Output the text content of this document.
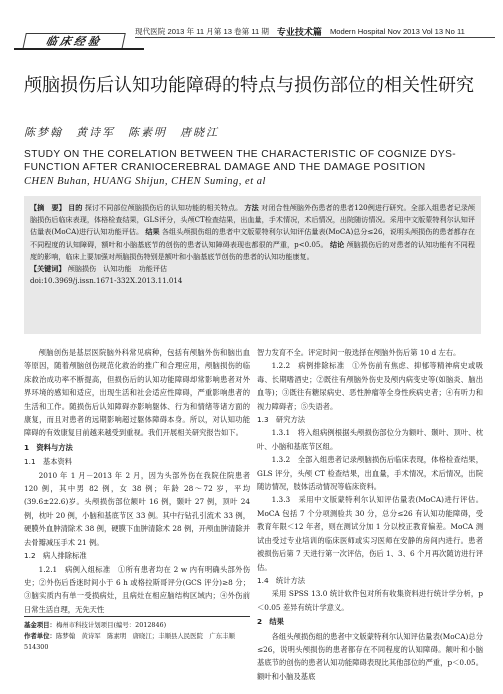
临床经验
现代医院 2013 年 11 月第 13 卷第 11 期 专业技术篇 Modern Hospital Nov 2013 Vol 13 No 11
颅脑损伤后认知功能障碍的特点与损伤部位的相关性研究
陈梦翰　黄诗军　陈素明　唐晓江
STUDY ON THE CORELATION BETWEEN THE CHARACTERISTIC OF COGNIZE DYS-FUNCTION AFTER CRANIOCEREBRAL DAMAGE AND THE DAMAGE POSITION
CHEN Buhan, HUANG Shijun, CHEN Suming, et al
【摘　要】 目的 探讨不同部位颅脑损伤后的认知功能的相关特点。 方法 对闭合性颅脑外伤患者的患者120例进行研究。全部入组患者记录颅脑损伤后临床表现，体格检查结果，GLS评分，头颅CT检查结果，出血量，手术情况，术后情况，出院随访情况。采用中文版蒙特利尔认知评估量表(MoCA)进行认知功能评估。 结果 各组头颅损伤组的患者中文版蒙特利尔认知评估量表(MoCA)总分≤26，说明头颅损伤的患者都存在不同程度的认知障碍，额叶和小脑基底节的创伤的患者认知障碍表现也都很的严重，p<0.05。 结论 颅脑损伤后的对患者的认知功能有不同程度的影响，临床上要加强对颅脑损伤特别是额叶和小脑基底节创伤的患者的认知功能康复。
【关键词】 颅脑损伤　认知功能　功能评估
doi:10.3969/j.issn.1671-332X.2013.11.014

颅脑创伤是基层医院脑外科常见病种，包括有颅脑外伤和脑出血等原因，随着颅脑创伤规范化救治的推广和合理应用，颅脑损伤的临床救治成功率不断提高，但损伤后的认知功能障碍却常影响患者对外界环境的感知和适应，出现生活和社会适应性障碍，严重影响患者的生活和工作。随损伤后认知障碍亦影响躯体、行为和情绪等诸方面的康复，而且对患者的远期影响超过躯体障碍本身。所以，对认知功能障碍的有效康复目前越来越受到重视。我们开展相关研究报告如下。

1　资料与方法

1.1　基本资料

2010 年 1 月－2013 年 2 月，因为头部外伤在我院住院患者 120 例，其中男 82 例，女 38 例；年龄 28～72 岁，平均(39.6±22.6)岁。头颅损伤部位额叶 16 例，颞叶 27 例，顶叶 24 例，枕叶 20 例，小脑和基底节区 33 例。其中行钻孔引流术 33 例，硬膜外血肿清除术 38 例，硬膜下血肿清除术 28 例，开颅血肿清除并去骨瓣减压手术 21 例。

1.2　病人排除标准

1.2.1　病例入组标准　①所有患者均在 2 w 内有明确头部外伤史；②外伤后昏迷时间小于 6 h 或格拉斯哥评分(GCS 评分)≥8 分；③脑实质内有单一受损病灶，且病灶在相应脑结构区域内；④外伤前日常生活自理，无先天性

智力发育不全。评定时间一般选择在颅脑外伤后第 10 d 左右。

1.2.2　病例排除标准　①外伤前有焦虑、抑郁等精神病史或吸毒、长期嗜酒史；②既往有颅脑外伤史及颅内病变史等(如脑炎、脑出血等)；③既往有糖尿病史、恶性肿瘤等全身性疾病史者；④有听力和视力障碍者；⑤失语者。

1.3　研究方法

1.3.1　将入组病例根据头颅损伤部位分为额叶、颞叶、顶叶、枕叶、小脑和基底节区组。

1.3.2　全部入组患者记录颅脑损伤后临床表现，体格检查结果，GLS 评分，头颅 CT 检查结果，出血量，手术情况，术后情况，出院随访情况，肢体活动情况等临床资料。

1.3.3　采用中文版蒙特利尔认知评估量表(MoCA)进行评估。MoCA 包括 7 个分项测验共 30 分，总分≤26 有认知功能障碍，受教育年限＜12 年者，则在测试分加 1 分以校正教育偏差。MoCA 测试由受过专业培训的临床医师或实习医师在安静的房间内进行。患者被损伤后第 7 天进行第一次评估，伤后 1、3、6 个月再次随访进行评估。

1.4　统计方法

采用 SPSS 13.0 统计软件包对所有收集资料进行统计学分析，p＜0.05 差异有统计学意义。

2　结果

各组头颅损伤组的患者中文版蒙特利尔认知评估量表(MoCA)总分≤26，说明头颅损伤的患者都存在不同程度的认知障碍。额叶和小脑基底节的创伤的患者认知功能障碍表现比其他部位的严重，p＜0.05。额叶和小脑及基底

基金项目：梅州市科技计划项目(编号：2012846)
作者单位：陈梦翰　黄诗军　陈素明　唐晓江；丰顺县人民医院　广东丰顺　514300
